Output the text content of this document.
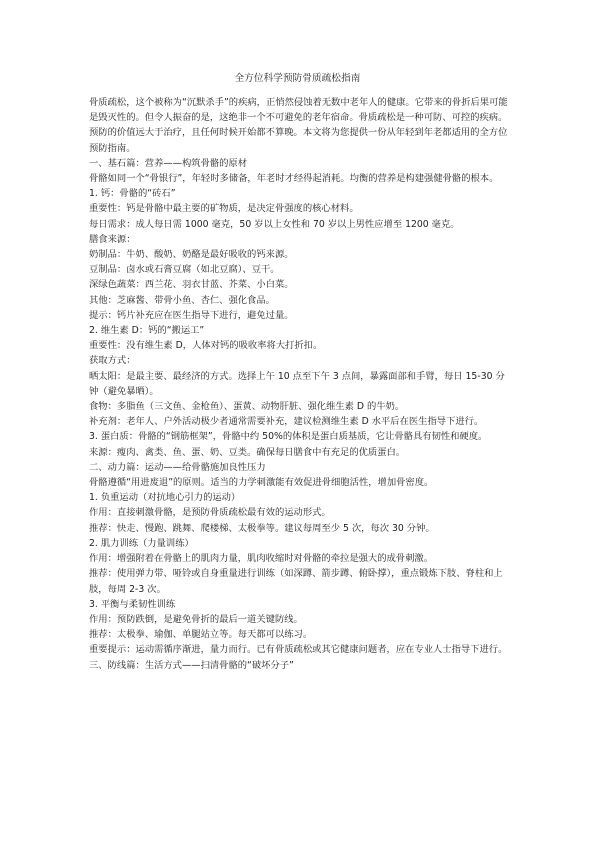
全方位科学预防骨质疏松指南

骨质疏松，这个被称为“沉默杀手”的疾病，正悄然侵蚀着无数中老年人的健康。它带来的骨折后果可能是毁灭性的。但令人振奋的是，这绝非一个不可避免的老年宿命。骨质疏松是一种可防、可控的疾病。预防的价值远大于治疗，且任何时候开始都不算晚。本文将为您提供一份从年轻到年老都适用的全方位预防指南。

一、基石篇：营养——构筑骨骼的原材

骨骼如同一个“骨银行”，年轻时多储备，年老时才经得起消耗。均衡的营养是构建强健骨骼的根本。

1. 钙：骨骼的“砖石”

重要性：钙是骨骼中最主要的矿物质，是决定骨强度的核心材料。

每日需求：成人每日需 1000 毫克，50 岁以上女性和 70 岁以上男性应增至 1200 毫克。

膳食来源：

奶制品：牛奶、酸奶、奶酪是最好吸收的钙来源。

豆制品：卤水或石膏豆腐（如北豆腐）、豆干。

深绿色蔬菜：西兰花、羽衣甘蓝、芥菜、小白菜。

其他：芝麻酱、带骨小鱼、杏仁、强化食品。

提示：钙片补充应在医生指导下进行，避免过量。

2. 维生素 D：钙的“搬运工”

重要性：没有维生素 D，人体对钙的吸收率将大打折扣。

获取方式：

晒太阳：是最主要、最经济的方式。选择上午 10 点至下午 3 点间，暴露面部和手臂，每日 15-30 分钟（避免暴晒）。

食物：多脂鱼（三文鱼、金枪鱼）、蛋黄、动物肝脏、强化维生素 D 的牛奶。

补充剂：老年人、户外活动极少者通常需要补充，建议检测维生素 D 水平后在医生指导下进行。

3. 蛋白质：骨骼的“钢筋框架”，骨骼中约 50%的体积是蛋白质基质，它让骨骼具有韧性和硬度。

来源：瘦肉、禽类、鱼、蛋、奶、豆类。确保每日膳食中有充足的优质蛋白。

二、动力篇：运动——给骨骼施加良性压力

骨骼遵循“用进废退”的原则。适当的力学刺激能有效促进骨细胞活性，增加骨密度。

1. 负重运动（对抗地心引力的运动）

作用：直接刺激骨骼，是预防骨质疏松最有效的运动形式。

推荐：快走、慢跑、跳舞、爬楼梯、太极拳等。建议每周至少 5 次，每次 30 分钟。

2. 肌力训练（力量训练）

作用：增强附着在骨骼上的肌肉力量，肌肉收缩时对骨骼的牵拉是强大的成骨刺激。

推荐：使用弹力带、哑铃或自身重量进行训练（如深蹲、箭步蹲、俯卧撑），重点锻炼下肢、脊柱和上肢，每周 2-3 次。

3. 平衡与柔韧性训练

作用：预防跌倒，是避免骨折的最后一道关键防线。

推荐：太极拳、瑜伽、单腿站立等。每天都可以练习。

重要提示：运动需循序渐进，量力而行。已有骨质疏松或其它健康问题者，应在专业人士指导下进行。

三、防线篇：生活方式——扫清骨骼的“破坏分子”
